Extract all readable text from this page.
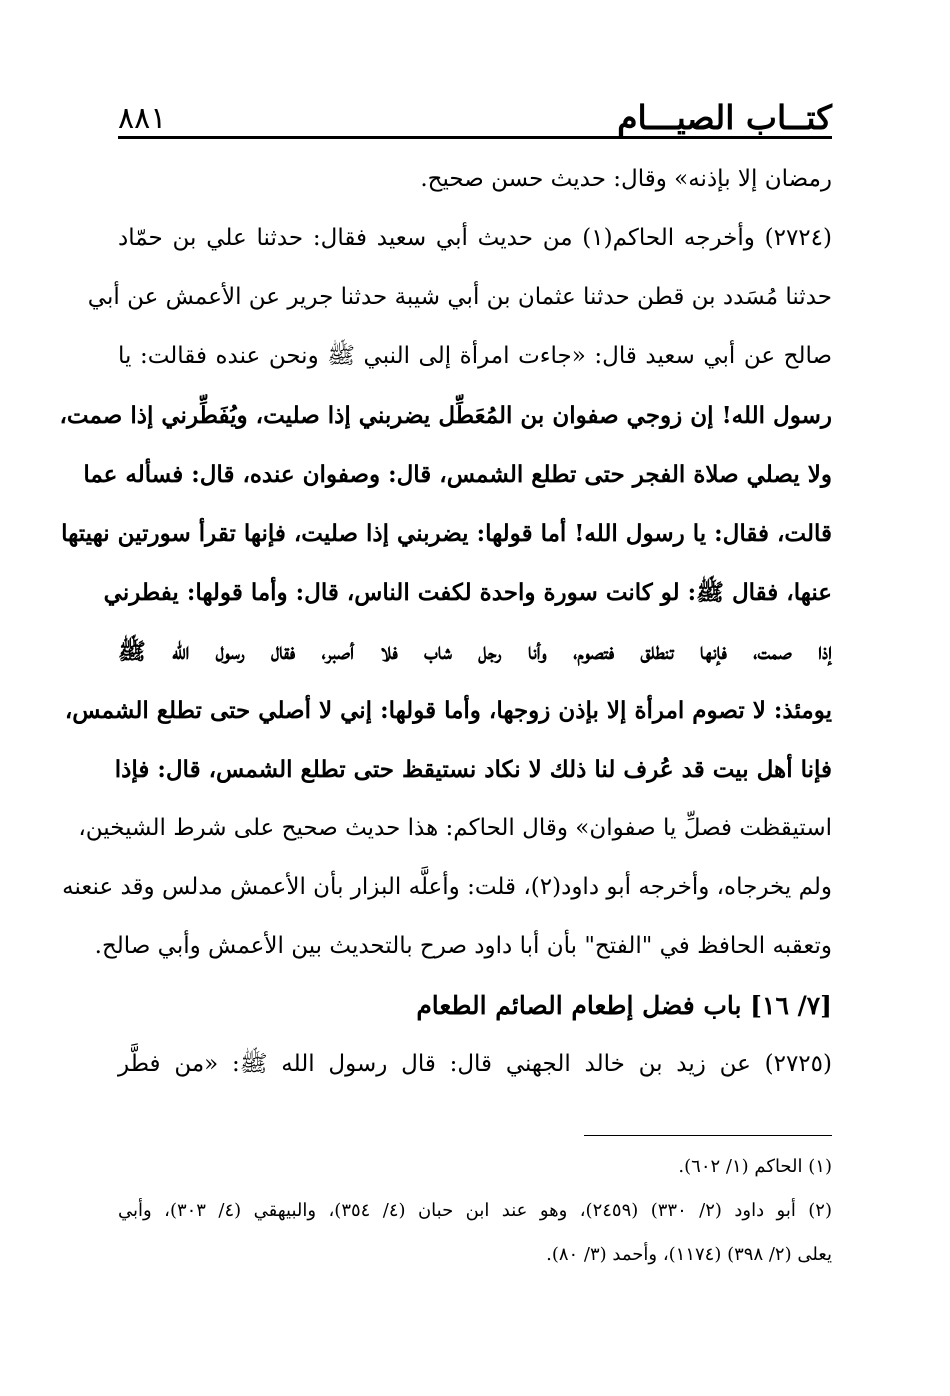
كتــاب الصيـــام
٨٨١
رمضان إلا بإذنه» وقال: حديث حسن صحيح.
(٢٧٢٤) وأخرجه الحاكم(١) من حديث أبي سعيد فقال: حدثنا علي بن حمّاد
حدثنا مُسَدد بن قطن حدثنا عثمان بن أبي شيبة حدثنا جرير عن الأعمش عن أبي
صالح عن أبي سعيد قال: «جاءت امرأة إلى النبي ﷺ ونحن عنده فقالت: يا
رسول الله! إن زوجي صفوان بن المُعَطِّل يضربني إذا صليت، ويُفَطِّرني إذا صمت،
ولا يصلي صلاة الفجر حتى تطلع الشمس، قال: وصفوان عنده، قال: فسأله عما
قالت، فقال: يا رسول الله! أما قولها: يضربني إذا صليت، فإنها تقرأ سورتين نهيتها
عنها، فقال ﷺ: لو كانت سورة واحدة لكفت الناس، قال: وأما قولها: يفطرني
إذا صمت، فإنها تنطلق فتصوم، وأنا رجل شاب فلا أصبر، فقال رسول الله ﷺ
يومئذ: لا تصوم امرأة إلا بإذن زوجها، وأما قولها: إني لا أصلي حتى تطلع الشمس،
فإنا أهل بيت قد عُرف لنا ذلك لا نكاد نستيقظ حتى تطلع الشمس، قال: فإذا
استيقظت فصلِّ يا صفوان» وقال الحاكم: هذا حديث صحيح على شرط الشيخين،
ولم يخرجاه، وأخرجه أبو داود(٢)، قلت: وأعلَّه البزار بأن الأعمش مدلس وقد عنعنه
وتعقبه الحافظ في "الفتح" بأن أبا داود صرح بالتحديث بين الأعمش وأبي صالح.
[٧/ ١٦] باب فضل إطعام الصائم الطعام
(٢٧٢٥) عن زيد بن خالد الجهني قال: قال رسول الله ﷺ: «من فطَّر
(١) الحاكم (١/ ٦٠٢).
(٢) أبو داود (٢/ ٣٣٠) (٢٤٥٩)، وهو عند ابن حبان (٤/ ٣٥٤)، والبيهقي (٤/ ٣٠٣)، وأبي
يعلى (٢/ ٣٩٨) (١١٧٤)، وأحمد (٣/ ٨٠).
